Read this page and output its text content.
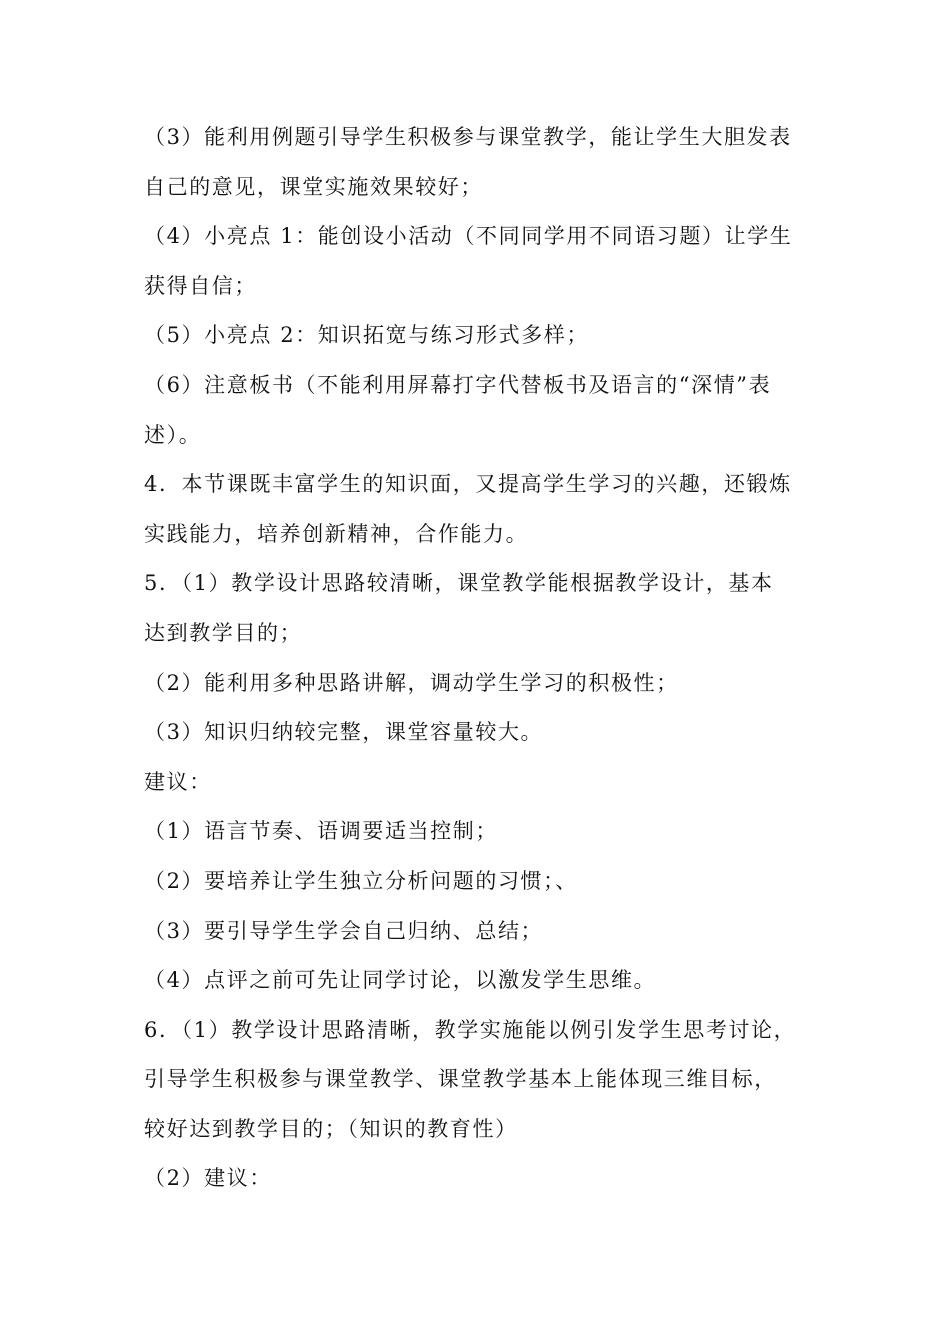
（3）能利用例题引导学生积极参与课堂教学，能让学生大胆发表
自己的意见，课堂实施效果较好；
（4）小亮点 1：能创设小活动（不同同学用不同语习题）让学生
获得自信；
（5）小亮点 2：知识拓宽与练习形式多样；
（6）注意板书（不能利用屏幕打字代替板书及语言的“深情”表
述）。
4．本节课既丰富学生的知识面，又提高学生学习的兴趣，还锻炼
实践能力，培养创新精神，合作能力。
5．（1）教学设计思路较清晰，课堂教学能根据教学设计，基本
达到教学目的；
（2）能利用多种思路讲解，调动学生学习的积极性；
（3）知识归纳较完整，课堂容量较大。
建议：
（1）语言节奏、语调要适当控制；
（2）要培养让学生独立分析问题的习惯；、
（3）要引导学生学会自己归纳、总结；
（4）点评之前可先让同学讨论，以激发学生思维。
6．（1）教学设计思路清晰，教学实施能以例引发学生思考讨论，
引导学生积极参与课堂教学、课堂教学基本上能体现三维目标，
较好达到教学目的；（知识的教育性）
（2）建议：
